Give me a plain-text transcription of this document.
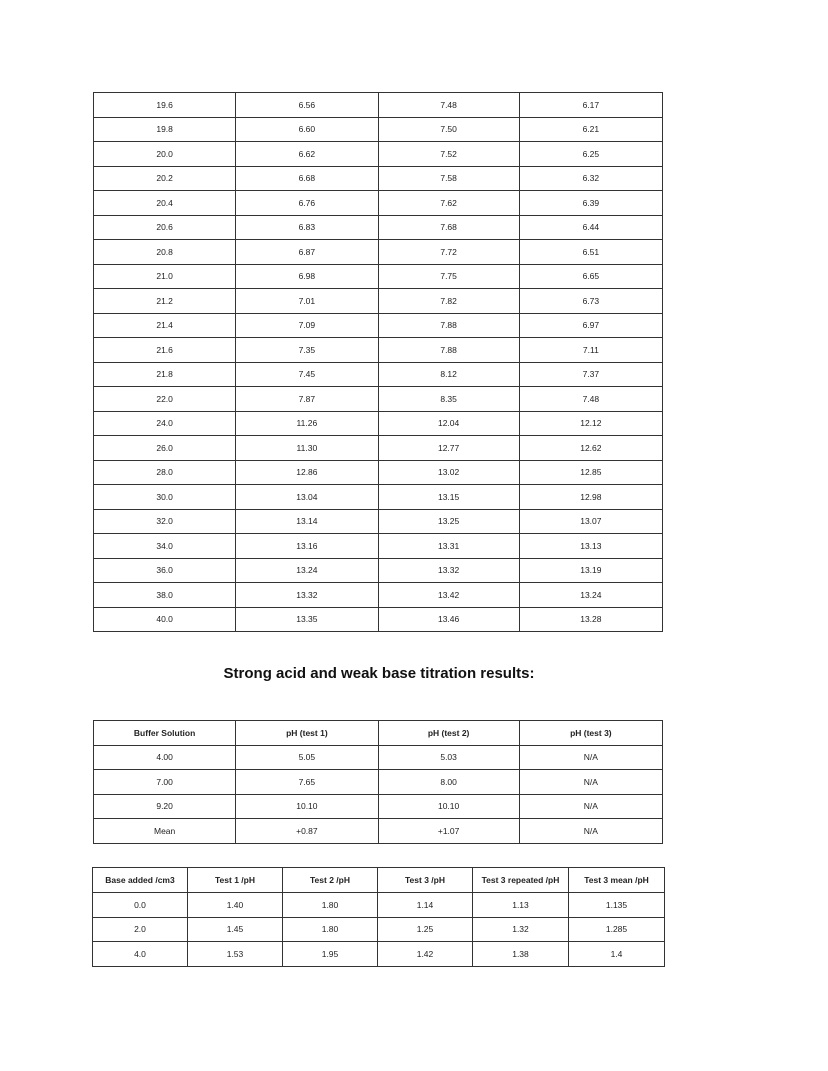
19.6	6.56	7.48	6.17
19.8	6.60	7.50	6.21
20.0	6.62	7.52	6.25
20.2	6.68	7.58	6.32
20.4	6.76	7.62	6.39
20.6	6.83	7.68	6.44
20.8	6.87	7.72	6.51
21.0	6.98	7.75	6.65
21.2	7.01	7.82	6.73
21.4	7.09	7.88	6.97
21.6	7.35	7.88	7.11
21.8	7.45	8.12	7.37
22.0	7.87	8.35	7.48
24.0	11.26	12.04	12.12
26.0	11.30	12.77	12.62
28.0	12.86	13.02	12.85
30.0	13.04	13.15	12.98
32.0	13.14	13.25	13.07
34.0	13.16	13.31	13.13
36.0	13.24	13.32	13.19
38.0	13.32	13.42	13.24
40.0	13.35	13.46	13.28
Strong acid and weak base titration results:
Buffer Solution	pH (test 1)	pH (test 2)	pH (test 3)
4.00	5.05	5.03	N/A
7.00	7.65	8.00	N/A
9.20	10.10	10.10	N/A
Mean	+0.87	+1.07	N/A
Base added /cm3	Test 1 /pH	Test 2 /pH	Test 3 /pH	Test 3 repeated /pH	Test 3 mean /pH
0.0	1.40	1.80	1.14	1.13	1.135
2.0	1.45	1.80	1.25	1.32	1.285
4.0	1.53	1.95	1.42	1.38	1.4
